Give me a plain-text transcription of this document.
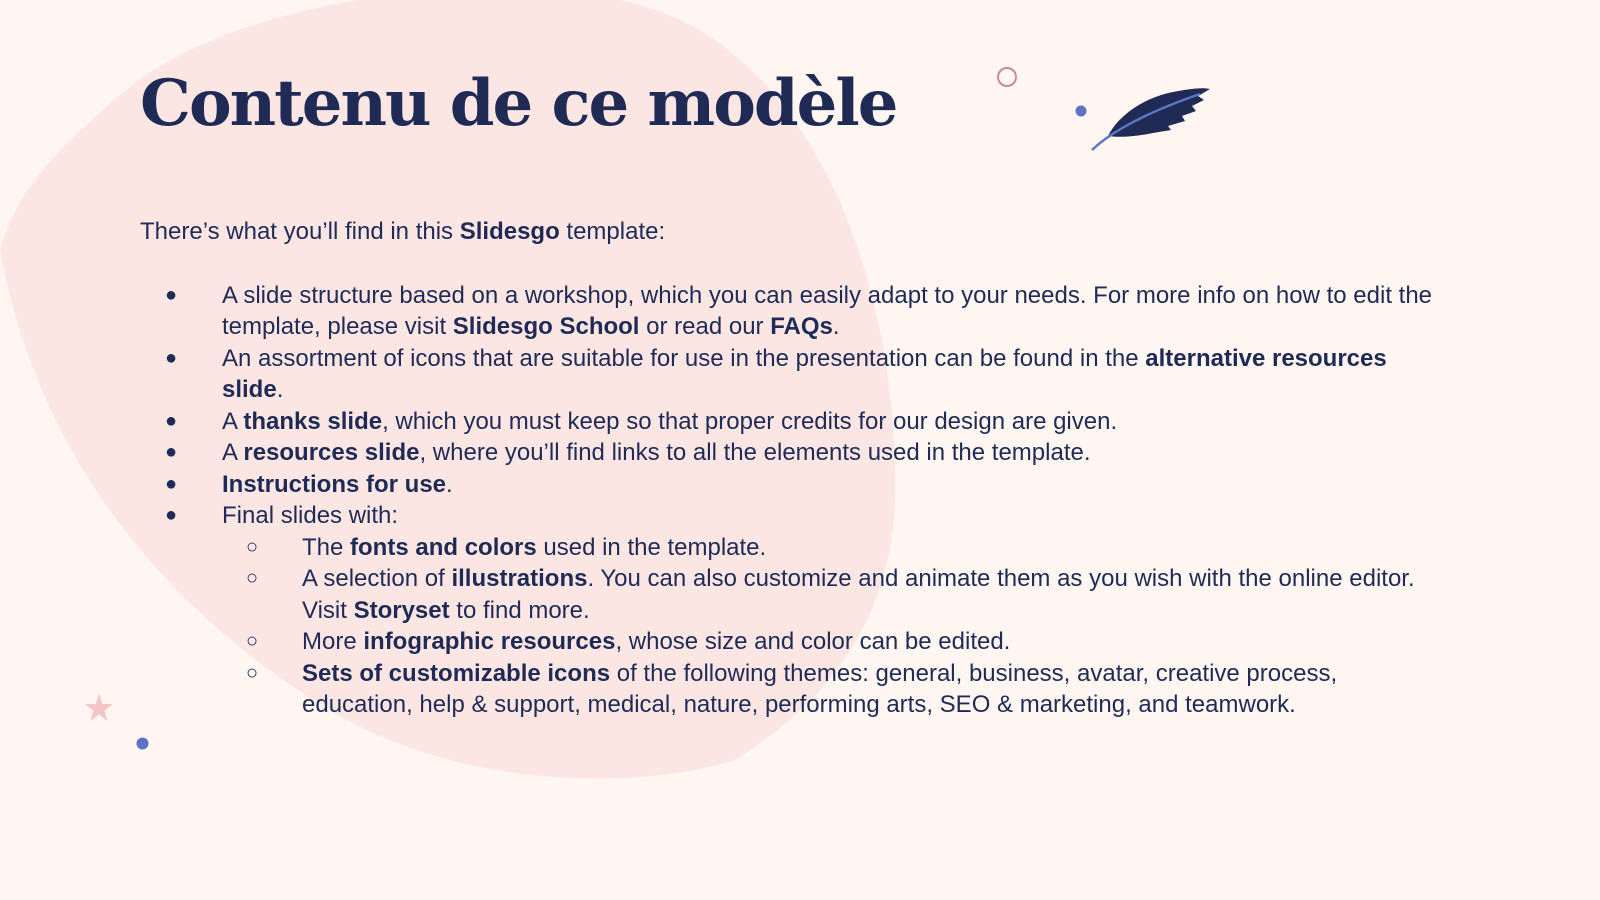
Contenu de ce modèle

There’s what you’ll find in this Slidesgo template:

● A slide structure based on a workshop, which you can easily adapt to your needs. For more info on how to edit the template, please visit Slidesgo School or read our FAQs.
● An assortment of icons that are suitable for use in the presentation can be found in the alternative resources slide.
● A thanks slide, which you must keep so that proper credits for our design are given.
● A resources slide, where you’ll find links to all the elements used in the template.
● Instructions for use.
● Final slides with:
○ The fonts and colors used in the template.
○ A selection of illustrations. You can also customize and animate them as you wish with the online editor. Visit Storyset to find more.
○ More infographic resources, whose size and color can be edited.
○ Sets of customizable icons of the following themes: general, business, avatar, creative process, education, help & support, medical, nature, performing arts, SEO & marketing, and teamwork.
